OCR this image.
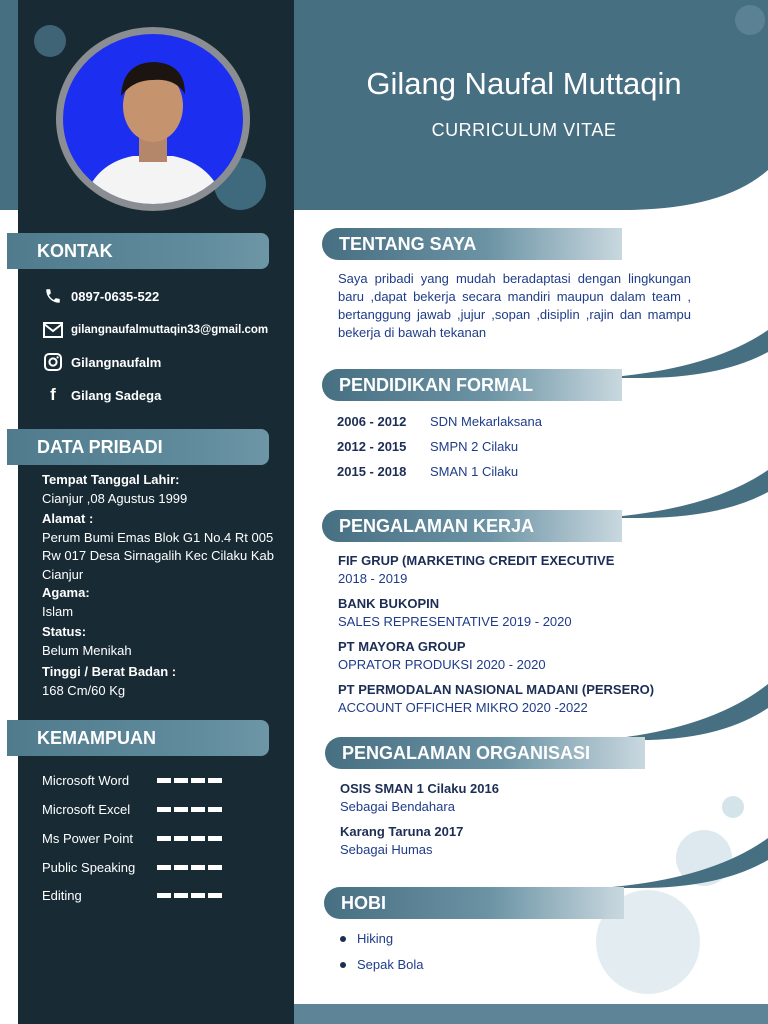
Gilang Naufal Muttaqin
CURRICULUM VITAE
KONTAK
0897-0635-522
gilangnaufalmuttaqin33@gmail.com
Gilangnaufalm
f	Gilang Sadega
DATA PRIBADI
Tempat Tanggal Lahir:
Cianjur ,08 Agustus 1999
Alamat :
Perum Bumi Emas Blok G1 No.4 Rt 005 Rw 017 Desa Sirnagalih Kec Cilaku Kab Cianjur
Agama:
Islam
Status:
Belum Menikah
Tinggi / Berat Badan :
168 Cm/60 Kg
KEMAMPUAN
Microsoft Word
Microsoft Excel
Ms Power Point
Public Speaking
Editing
TENTANG SAYA
Saya pribadi yang mudah beradaptasi dengan lingkungan baru ,dapat bekerja secara mandiri maupun dalam team , bertanggung jawab ,jujur ,sopan ,disiplin ,rajin dan mampu bekerja di bawah tekanan
PENDIDIKAN FORMAL
2006 - 2012	SDN Mekarlaksana
2012 - 2015	SMPN 2 Cilaku
2015 - 2018	SMAN 1 Cilaku
PENGALAMAN KERJA
FIF GRUP (MARKETING CREDIT EXECUTIVE
2018 - 2019
BANK BUKOPIN
SALES REPRESENTATIVE 2019 - 2020
PT MAYORA GROUP
OPRATOR PRODUKSI 2020 - 2020
PT PERMODALAN NASIONAL MADANI (PERSERO)
ACCOUNT OFFICHER MIKRO 2020 -2022
PENGALAMAN ORGANISASI
OSIS SMAN 1 Cilaku 2016
Sebagai Bendahara
Karang Taruna 2017
Sebagai Humas
HOBI
Hiking
Sepak Bola
